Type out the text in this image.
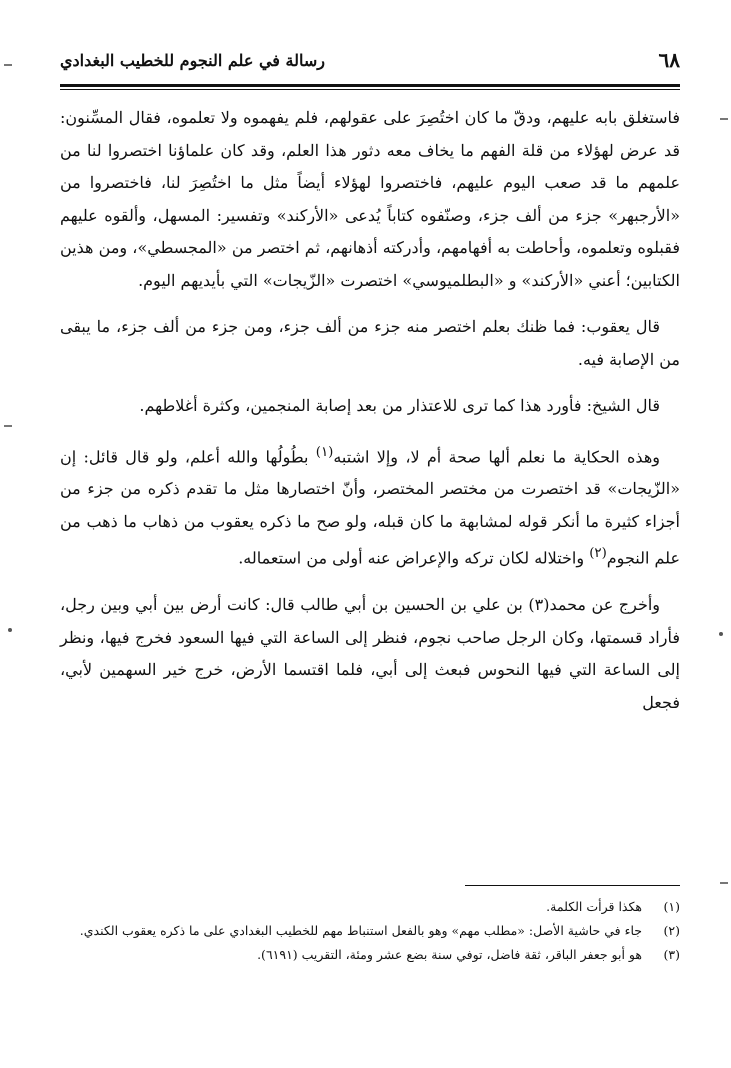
٦٨
رسالة في علم النجوم للخطيب البغدادي

فاستغلق بابه عليهم، ودقّ ما كان اختُصِرَ على عقولهم، فلم يفهموه ولا تعلموه، فقال المسِّنون: قد عرض لهؤلاء من قلة الفهم ما يخاف معه دثور هذا العلم، وقد كان علماؤنا اختصروا لنا من علمهم ما قد صعب اليوم عليهم، فاختصروا لهؤلاء أيضاً مثل ما اختُصِرَ لنا، فاختصروا من «الأرجبهر» جزء من ألف جزء، وصنّفوه كتاباً يُدعى «الأركند» وتفسير: المسهل، وألقوه عليهم فقبلوه وتعلموه، وأحاطت به أفهامهم، وأدركته أذهانهم، ثم اختصر من «المجسطي»، ومن هذين الكتابين؛ أعني «الأركند» و «البطلميوسي» اختصرت «الزّيجات» التي بأيديهم اليوم.

قال يعقوب: فما ظنك بعلم اختصر منه جزء من ألف جزء، ومن جزء من ألف جزء، ما يبقى من الإصابة فيه.

قال الشيخ: فأورد هذا كما ترى للاعتذار من بعد إصابة المنجمين، وكثرة أغلاطهم.

وهذه الحكاية ما نعلم ألها صحة أم لا، وإلا اشتبه$^{(١)}$ بطُولُها والله أعلم، ولو قال قائل: إن «الزّيجات» قد اختصرت من مختصر المختصر، وأنّ اختصارها مثل ما تقدم ذكره من جزء من أجزاء كثيرة ما أنكر قوله لمشابهة ما كان قبله، ولو صح ما ذكره يعقوب من ذهاب ما ذهب من علم النجوم$^{(٢)}$ واختلاله لكان تركه والإعراض عنه أولى من استعماله.

وأخرج عن محمد(٣) بن علي بن الحسين بن أبي طالب قال: كانت أرض بين أبي وبين رجل، فأراد قسمتها، وكان الرجل صاحب نجوم، فنظر إلى الساعة التي فيها السعود فخرج فيها، ونظر إلى الساعة التي فيها النحوس فبعث إلى أبي، فلما اقتسما الأرض، خرج خير السهمين لأبي، فجعل

(١)
هكذا قرأت الكلمة.

(٢)
جاء في حاشية الأصل: «مطلب مهم» وهو بالفعل استنباط مهم للخطيب البغدادي على ما ذكره يعقوب الكندي.

(٣)
هو أبو جعفر الباقر، ثقة فاضل، توفي سنة بضع عشر ومئة، التقريب (٦١٩١).
